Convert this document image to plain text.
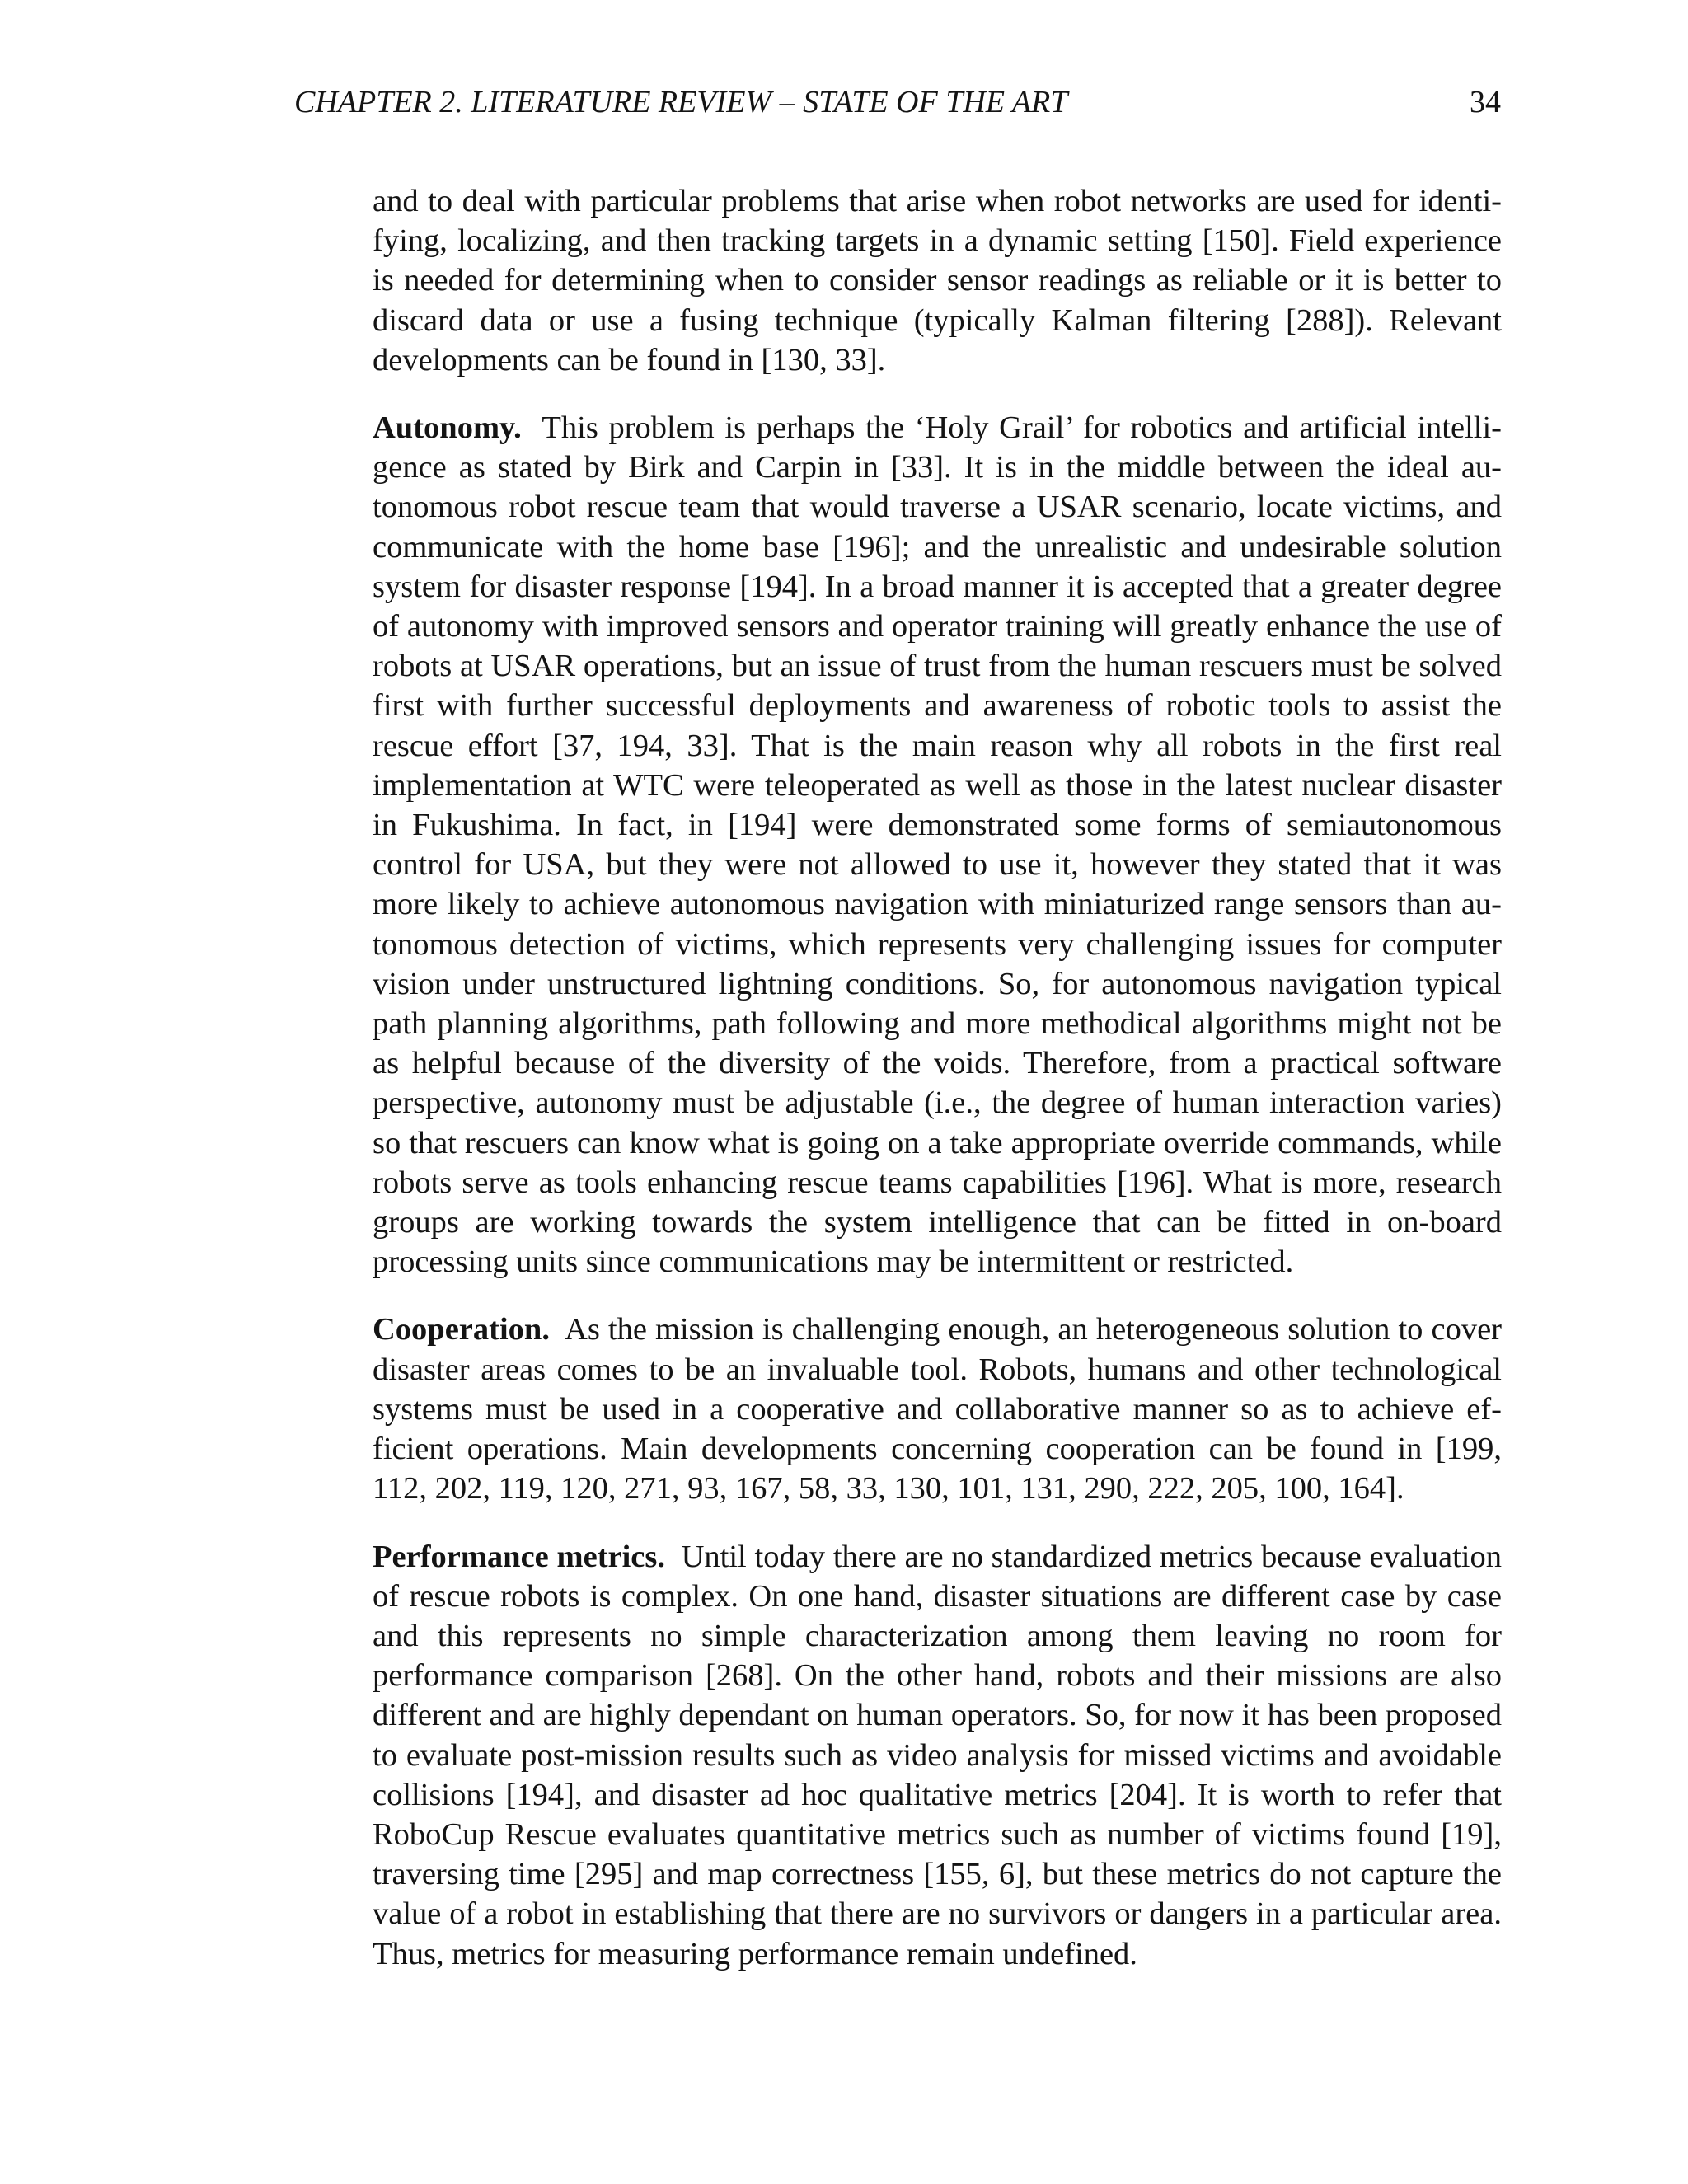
CHAPTER 2. LITERATURE REVIEW – STATE OF THE ART	34

and to deal with particular problems that arise when robot networks are used for identifying, localizing, and then tracking targets in a dynamic setting [150]. Field experience is needed for determining when to consider sensor readings as reliable or it is better to discard data or use a fusing technique (typically Kalman filtering [288]). Relevant developments can be found in [130, 33].

Autonomy. This problem is perhaps the ‘Holy Grail’ for robotics and artificial intelligence as stated by Birk and Carpin in [33]. It is in the middle between the ideal autonomous robot rescue team that would traverse a USAR scenario, locate victims, and communicate with the home base [196]; and the unrealistic and undesirable solution system for disaster response [194]. In a broad manner it is accepted that a greater degree of autonomy with improved sensors and operator training will greatly enhance the use of robots at USAR operations, but an issue of trust from the human rescuers must be solved first with further successful deployments and awareness of robotic tools to assist the rescue effort [37, 194, 33]. That is the main reason why all robots in the first real implementation at WTC were teleoperated as well as those in the latest nuclear disaster in Fukushima. In fact, in [194] were demonstrated some forms of semiautonomous control for USA, but they were not allowed to use it, however they stated that it was more likely to achieve autonomous navigation with miniaturized range sensors than autonomous detection of victims, which represents very challenging issues for computer vision under unstructured lightning conditions. So, for autonomous navigation typical path planning algorithms, path following and more methodical algorithms might not be as helpful because of the diversity of the voids. Therefore, from a practical software perspective, autonomy must be adjustable (i.e., the degree of human interaction varies) so that rescuers can know what is going on a take appropriate override commands, while robots serve as tools enhancing rescue teams capabilities [196]. What is more, research groups are working towards the system intelligence that can be fitted in on-board processing units since communications may be intermittent or restricted.

Cooperation. As the mission is challenging enough, an heterogeneous solution to cover disaster areas comes to be an invaluable tool. Robots, humans and other technological systems must be used in a cooperative and collaborative manner so as to achieve efficient operations. Main developments concerning cooperation can be found in [199, 112, 202, 119, 120, 271, 93, 167, 58, 33, 130, 101, 131, 290, 222, 205, 100, 164].

Performance metrics. Until today there are no standardized metrics because evaluation of rescue robots is complex. On one hand, disaster situations are different case by case and this represents no simple characterization among them leaving no room for performance comparison [268]. On the other hand, robots and their missions are also different and are highly dependant on human operators. So, for now it has been proposed to evaluate post-mission results such as video analysis for missed victims and avoidable collisions [194], and disaster ad hoc qualitative metrics [204]. It is worth to refer that RoboCup Rescue evaluates quantitative metrics such as number of victims found [19], traversing time [295] and map correctness [155, 6], but these metrics do not capture the value of a robot in establishing that there are no survivors or dangers in a particular area. Thus, metrics for measuring performance remain undefined.
